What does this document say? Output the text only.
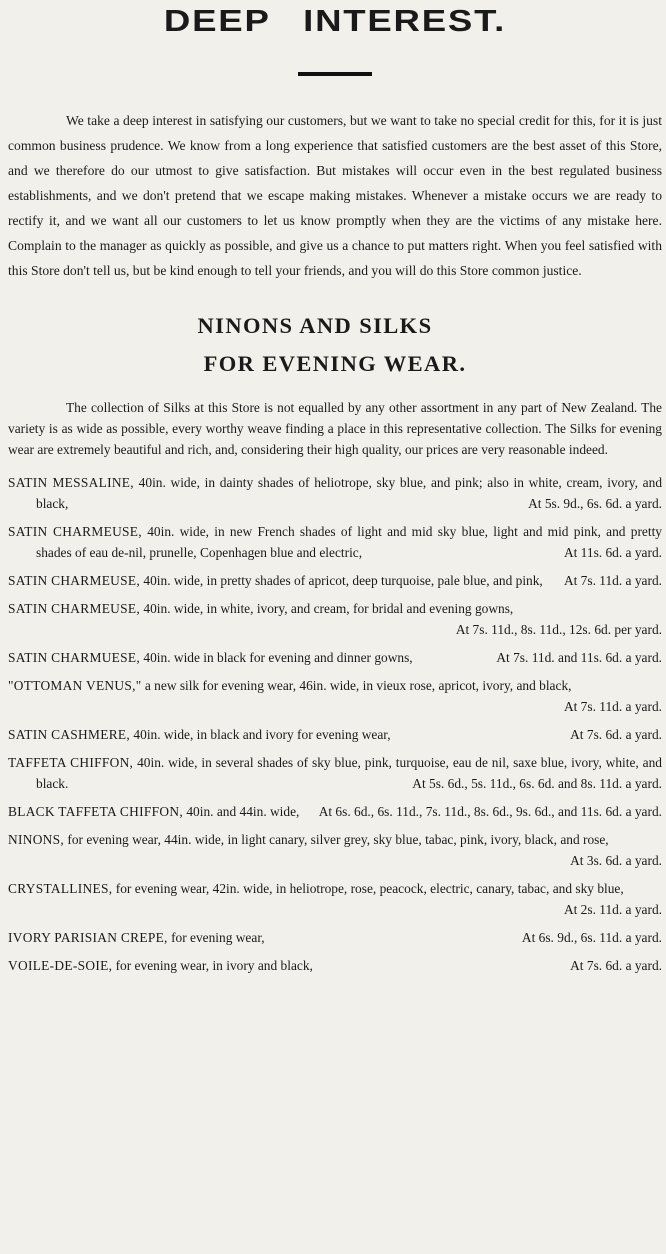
DEEP INTEREST.

We take a deep interest in satisfying our customers, but we want to take no special credit for this, for it is just common business prudence. We know from a long experience that satisfied customers are the best asset of this Store, and we therefore do our utmost to give satisfaction. But mistakes will occur even in the best regulated business establishments, and we don't pretend that we escape making mistakes. Whenever a mistake occurs we are ready to rectify it, and we want all our customers to let us know promptly when they are the victims of any mistake here. Complain to the manager as quickly as possible, and give us a chance to put matters right. When you feel satisfied with this Store don't tell us, but be kind enough to tell your friends, and you will do this Store common justice.

NINONS AND SILKS
FOR EVENING WEAR.

The collection of Silks at this Store is not equalled by any other assortment in any part of New Zealand. The variety is as wide as possible, every worthy weave finding a place in this representative collection. The Silks for evening wear are extremely beautiful and rich, and, considering their high quality, our prices are very reasonable indeed.

SATIN MESSALINE, 40in. wide, in dainty shades of heliotrope, sky blue, and pink; also in white, cream, ivory, and black,	At 5s. 9d., 6s. 6d. a yard.

SATIN CHARMEUSE, 40in. wide, in new French shades of light and mid sky blue, light and mid pink, and pretty shades of eau de-nil, prunelle, Copenhagen blue and electric,	At 11s. 6d. a yard.

SATIN CHARMEUSE, 40in. wide, in pretty shades of apricot, deep turquoise, pale blue, and pink,	At 7s. 11d. a yard.

SATIN CHARMEUSE, 40in. wide, in white, ivory, and cream, for bridal and evening gowns,
At 7s. 11d., 8s. 11d., 12s. 6d. per yard.

SATIN CHARMUESE, 40in. wide in black for evening and dinner gowns,	At 7s. 11d. and 11s. 6d. a yard.

"OTTOMAN VENUS," a new silk for evening wear, 46in. wide, in vieux rose, apricot, ivory, and black,
At 7s. 11d. a yard.

SATIN CASHMERE, 40in. wide, in black and ivory for evening wear,	At 7s. 6d. a yard.

TAFFETA CHIFFON, 40in. wide, in several shades of sky blue, pink, turquoise, eau de nil, saxe blue, ivory, white, and black.	At 5s. 6d., 5s. 11d., 6s. 6d. and 8s. 11d. a yard.

BLACK TAFFETA CHIFFON, 40in. and 44in. wide,	At 6s. 6d., 6s. 11d., 7s. 11d., 8s. 6d., 9s. 6d., and 11s. 6d. a yard.

NINONS, for evening wear, 44in. wide, in light canary, silver grey, sky blue, tabac, pink, ivory, black, and rose,
At 3s. 6d. a yard.

CRYSTALLINES, for evening wear, 42in. wide, in heliotrope, rose, peacock, electric, canary, tabac, and sky blue,
At 2s. 11d. a yard.

IVORY PARISIAN CREPE, for evening wear,	At 6s. 9d., 6s. 11d. a yard.

VOILE-DE-SOIE, for evening wear, in ivory and black,	At 7s. 6d. a yard.
